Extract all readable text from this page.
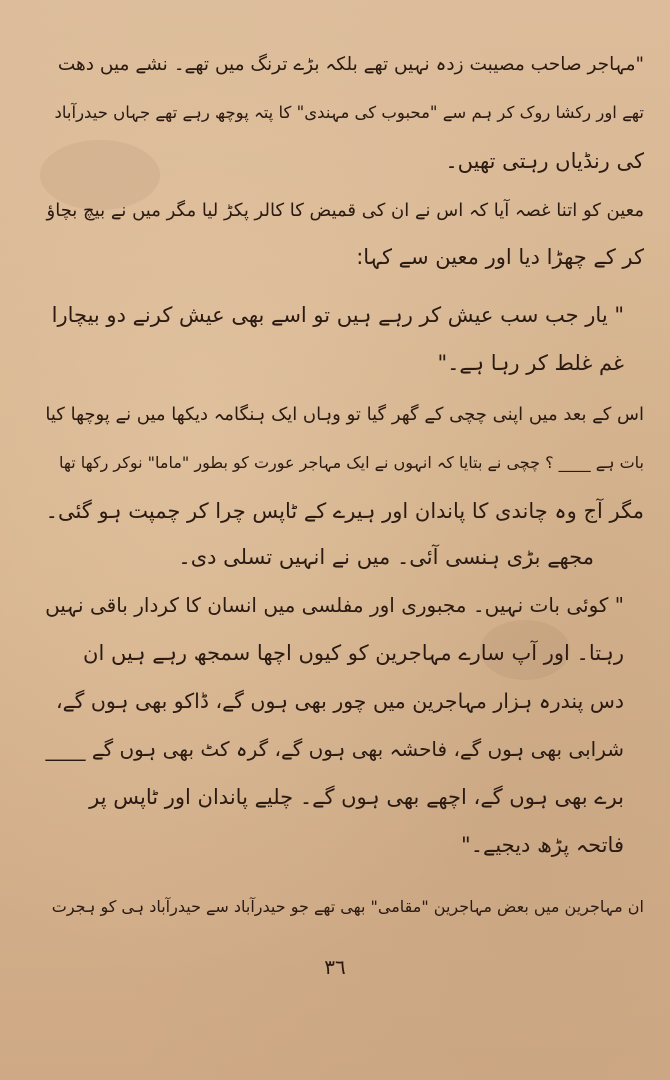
"مہاجر صاحب مصیبت زدہ نہیں تھے بلکہ بڑے ترنگ میں تھے۔ نشے میں دھت
تھے اور رکشا روک کر ہم سے "محبوب کی مہندی" کا پتہ پوچھ رہے تھے جہاں حیدرآباد
کی رنڈیاں رہتی تھیں۔
معین کو اتنا غصہ آیا کہ اس نے ان کی قمیض کا کالر پکڑ لیا مگر میں نے بیچ بچاؤ
کر کے چھڑا دیا اور معین سے کہا:
" یار جب سب عیش کر رہے ہیں تو اسے بھی عیش کرنے دو بیچارا
غم غلط کر رہا ہے۔"
اس کے بعد میں اپنی چچی کے گھر گیا تو وہاں ایک ہنگامہ دیکھا میں نے پوچھا کیا
بات ہے ____ ؟ چچی نے بتایا کہ انہوں نے ایک مہاجر عورت کو بطور "ماما" نوکر رکھا تھا
مگر آج وہ چاندی کا پاندان اور ہیرے کے ٹاپس چرا کر چمپت ہو گئی۔
مجھے بڑی ہنسی آئی۔ میں نے انہیں تسلی دی۔
" کوئی بات نہیں۔ مجبوری اور مفلسی میں انسان کا کردار باقی نہیں
رہتا۔ اور آپ سارے مہاجرین کو کیوں اچھا سمجھ رہے ہیں ان
دس پندرہ ہزار مہاجرین میں چور بھی ہوں گے، ڈاکو بھی ہوں گے،
شرابی بھی ہوں گے، فاحشہ بھی ہوں گے، گرہ کٹ بھی ہوں گے ____
برے بھی ہوں گے، اچھے بھی ہوں گے۔ چلیے پاندان اور ٹاپس پر
فاتحہ پڑھ دیجیے۔"
ان مہاجرین میں بعض مہاجرین "مقامی" بھی تھے جو حیدرآباد سے حیدرآباد ہی کو ہجرت
٣٦
